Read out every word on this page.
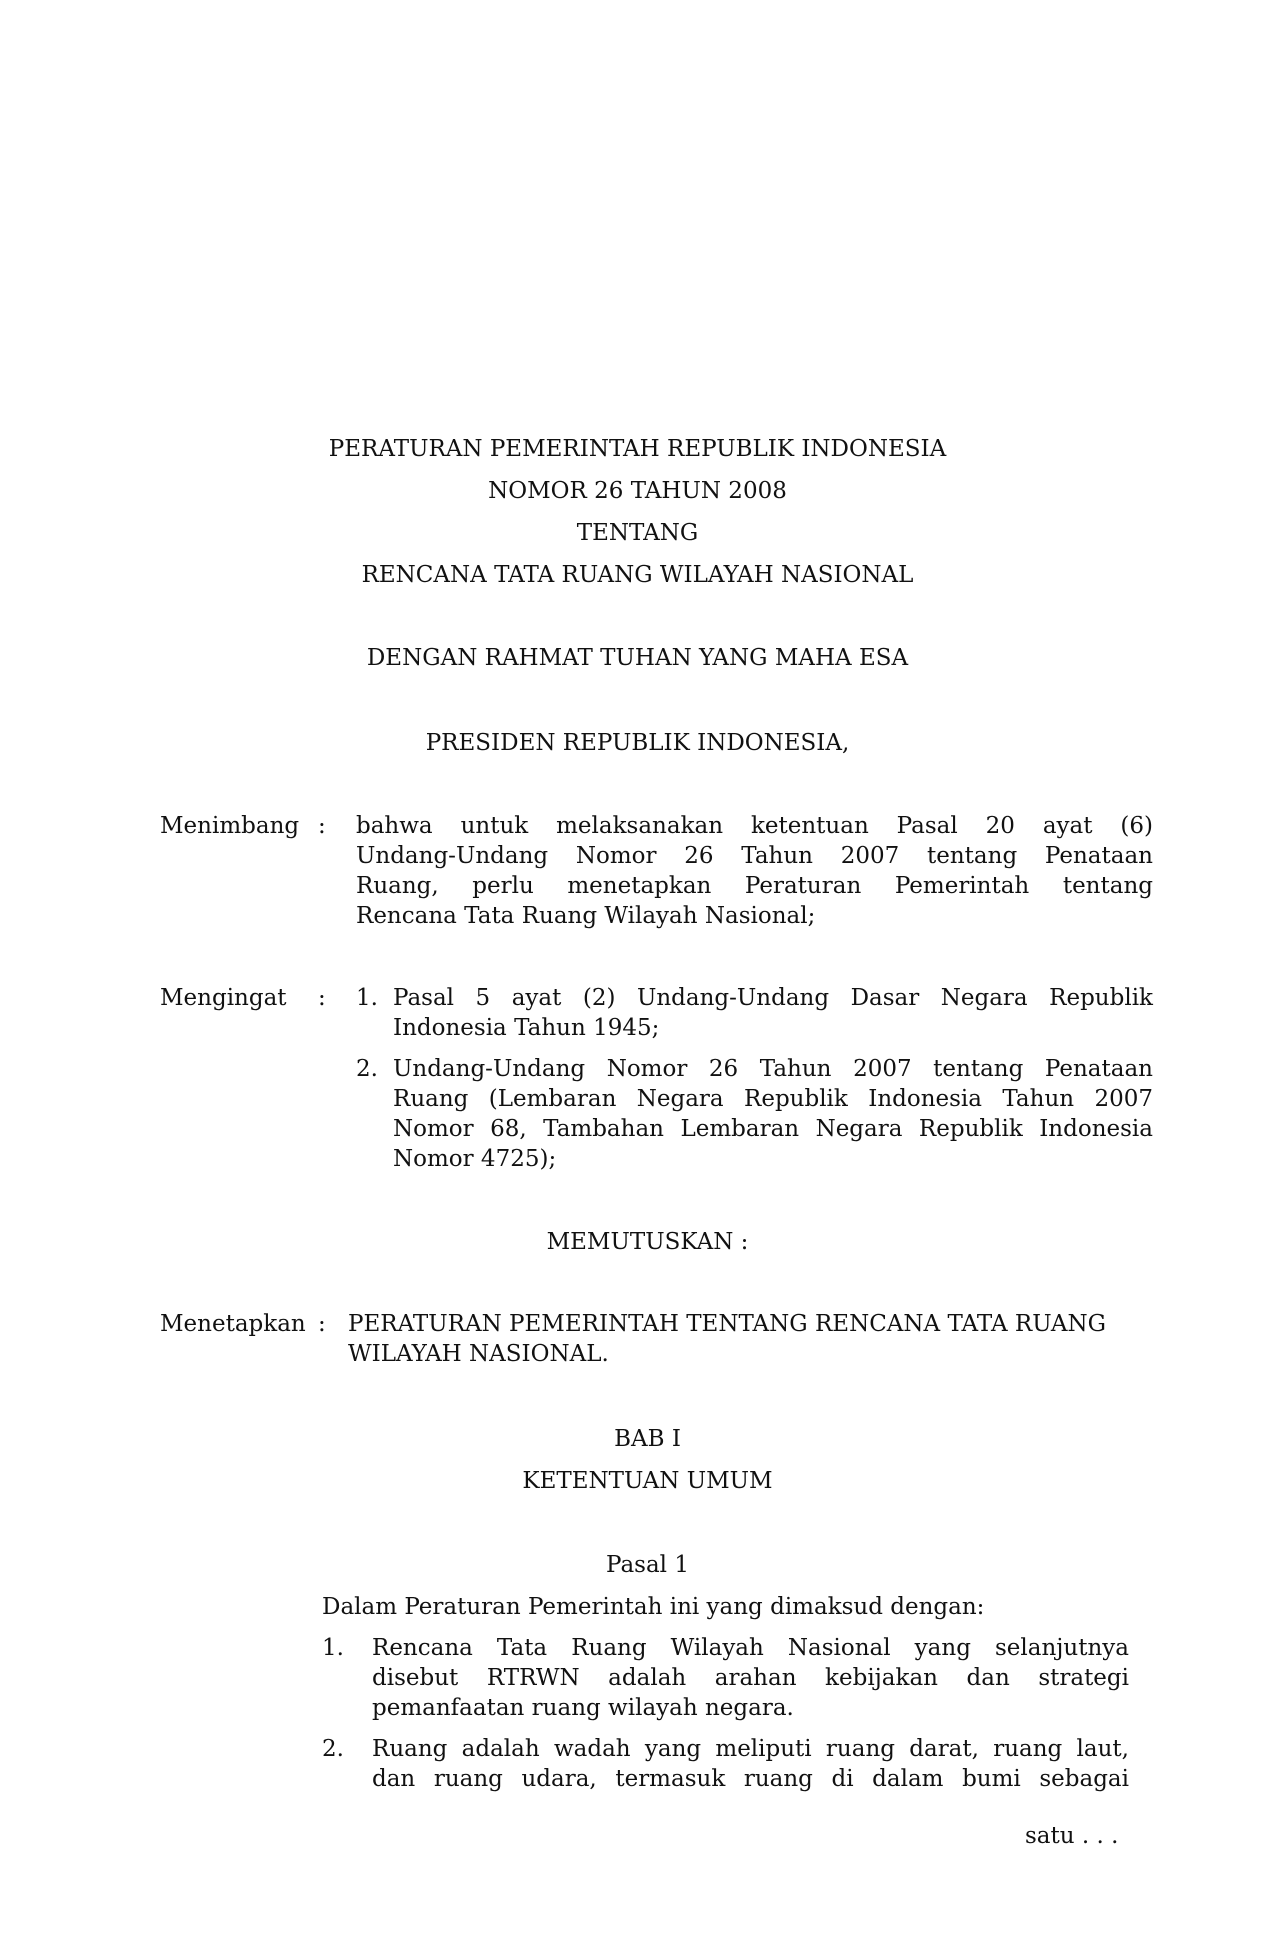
PERATURAN PEMERINTAH REPUBLIK INDONESIA
NOMOR 26 TAHUN 2008
TENTANG
RENCANA TATA RUANG WILAYAH NASIONAL
DENGAN RAHMAT TUHAN YANG MAHA ESA
PRESIDEN REPUBLIK INDONESIA,
Menimbang : bahwa untuk melaksanakan ketentuan Pasal 20 ayat (6)
Undang-Undang Nomor 26 Tahun 2007 tentang Penataan
Ruang, perlu menetapkan Peraturan Pemerintah tentang
Rencana Tata Ruang Wilayah Nasional;
Mengingat : 1. Pasal 5 ayat (2) Undang-Undang Dasar Negara Republik
Indonesia Tahun 1945;
2. Undang-Undang Nomor 26 Tahun 2007 tentang Penataan
Ruang (Lembaran Negara Republik Indonesia Tahun 2007
Nomor 68, Tambahan Lembaran Negara Republik Indonesia
Nomor 4725);
MEMUTUSKAN :
Menetapkan : PERATURAN PEMERINTAH TENTANG RENCANA TATA RUANG
WILAYAH NASIONAL.
BAB I
KETENTUAN UMUM
Pasal 1
Dalam Peraturan Pemerintah ini yang dimaksud dengan:
1. Rencana Tata Ruang Wilayah Nasional yang selanjutnya
disebut RTRWN adalah arahan kebijakan dan strategi
pemanfaatan ruang wilayah negara.
2. Ruang adalah wadah yang meliputi ruang darat, ruang laut,
dan ruang udara, termasuk ruang di dalam bumi sebagai
satu . . .
